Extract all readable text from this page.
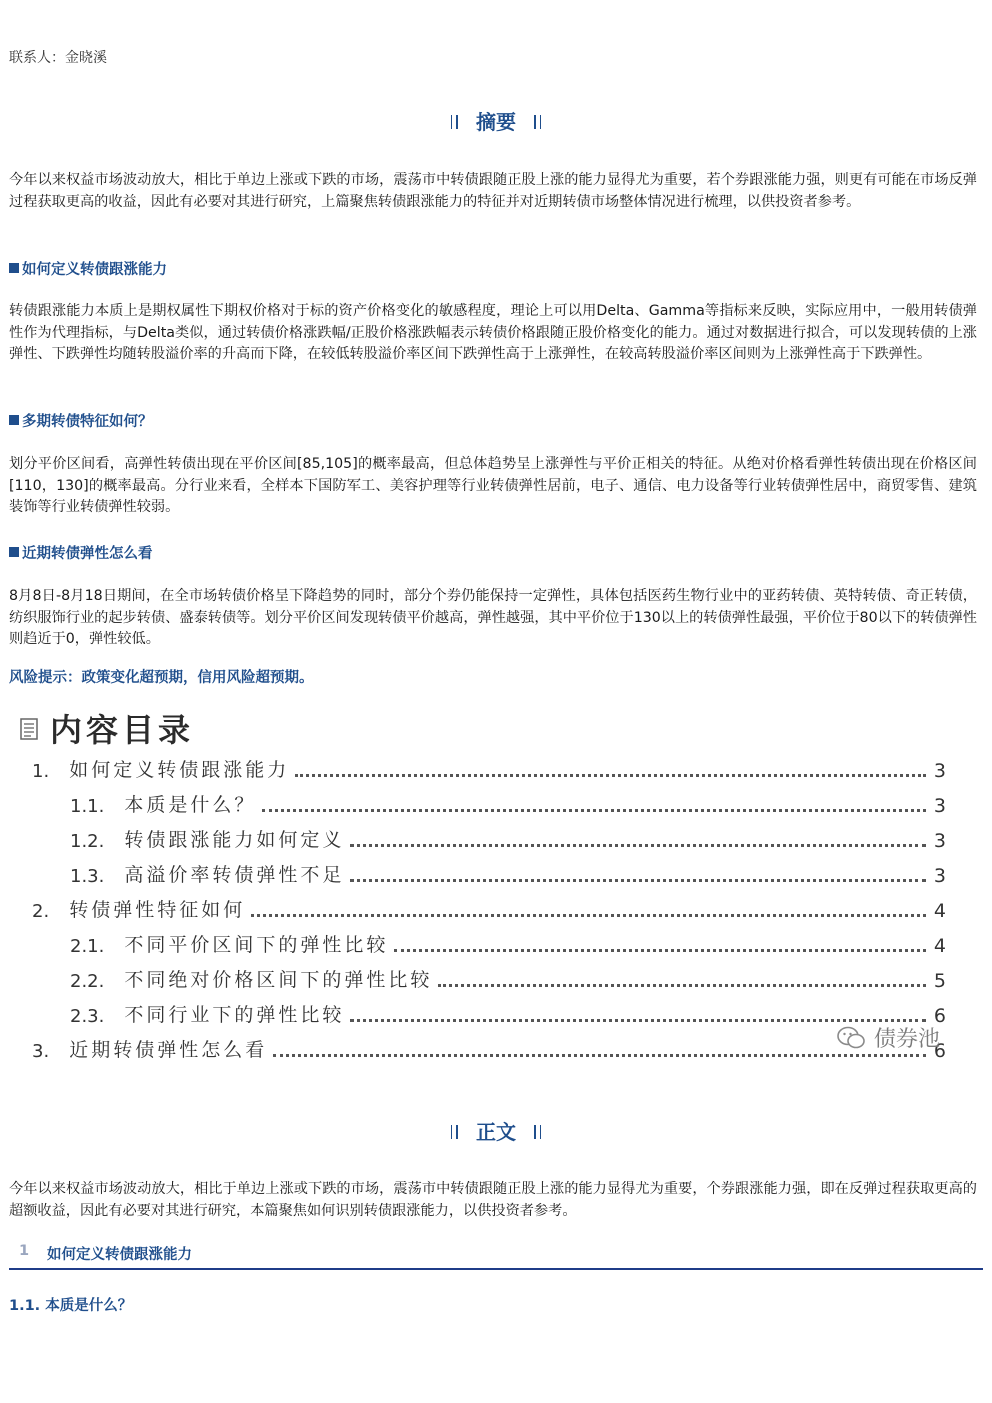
联系人：金晓溪
摘要

今年以来权益市场波动放大，相比于单边上涨或下跌的市场，震荡市中转债跟随正股上涨的能力显得尤为重要，若个券跟涨能力强，则更有可能在市场反弹过程获取更高的收益，因此有必要对其进行研究，上篇聚焦转债跟涨能力的特征并对近期转债市场整体情况进行梳理，以供投资者参考。

如何定义转债跟涨能力

转债跟涨能力本质上是期权属性下期权价格对于标的资产价格变化的敏感程度，理论上可以用Delta、Gamma等指标来反映，实际应用中，一般用转债弹性作为代理指标，与Delta类似，通过转债价格涨跌幅/正股价格涨跌幅表示转债价格跟随正股价格变化的能力。通过对数据进行拟合，可以发现转债的上涨弹性、下跌弹性均随转股溢价率的升高而下降，在较低转股溢价率区间下跌弹性高于上涨弹性，在较高转股溢价率区间则为上涨弹性高于下跌弹性。

多期转债特征如何？

划分平价区间看，高弹性转债出现在平价区间[85,105]的概率最高，但总体趋势呈上涨弹性与平价正相关的特征。从绝对价格看弹性转债出现在价格区间[110，130]的概率最高。分行业来看，全样本下国防军工、美容护理等行业转债弹性居前，电子、通信、电力设备等行业转债弹性居中，商贸零售、建筑装饰等行业转债弹性较弱。

近期转债弹性怎么看

8月8日-8月18日期间，在全市场转债价格呈下降趋势的同时，部分个券仍能保持一定弹性，具体包括医药生物行业中的亚药转债、英特转债、奇正转债，纺织服饰行业的起步转债、盛泰转债等。划分平价区间发现转债平价越高，弹性越强，其中平价位于130以上的转债弹性最强，平价位于80以下的转债弹性则趋近于0，弹性较低。

风险提示：政策变化超预期，信用风险超预期。
内容目录
1. 如何定义转债跟涨能力	3
1.1. 本质是什么？	3
1.2. 转债跟涨能力如何定义	3
1.3. 高溢价率转债弹性不足	3
2. 转债弹性特征如何	4
2.1. 不同平价区间下的弹性比较	4
2.2. 不同绝对价格区间下的弹性比较	5
2.3. 不同行业下的弹性比较	6
3. 近期转债弹性怎么看	6
债券池
正文

今年以来权益市场波动放大，相比于单边上涨或下跌的市场，震荡市中转债跟随正股上涨的能力显得尤为重要，个券跟涨能力强，即在反弹过程获取更高的超额收益，因此有必要对其进行研究，本篇聚焦如何识别转债跟涨能力，以供投资者参考。

1 如何定义转债跟涨能力
1.1. 本质是什么？
